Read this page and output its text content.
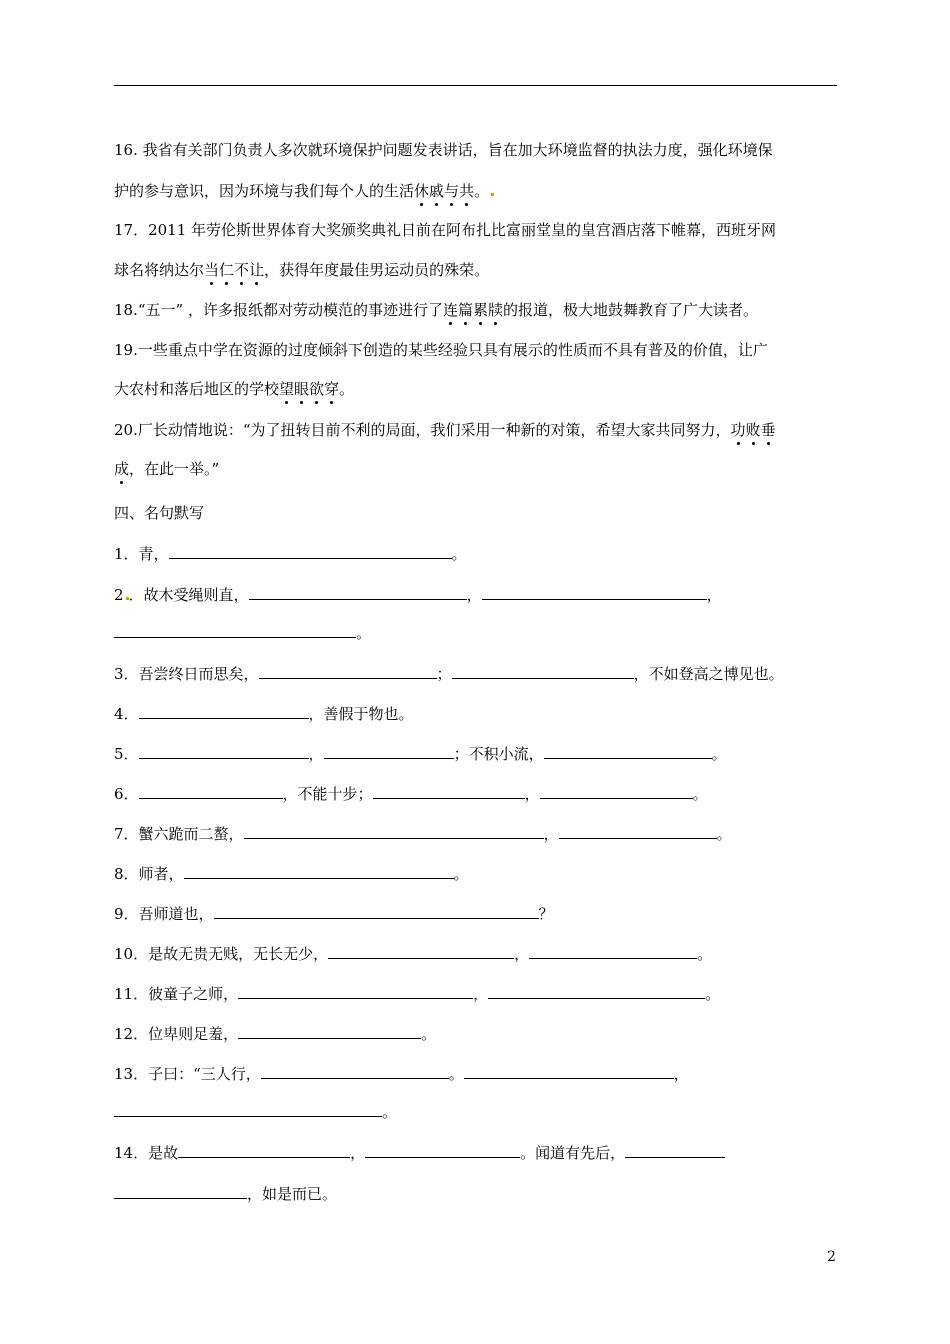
16. 我省有关部门负责人多次就环境保护问题发表讲话，旨在加大环境监督的执法力度，强化环境保
护的参与意识，因为环境与我们每个人的生活休戚与共。
17．2011 年劳伦斯世界体育大奖颁奖典礼日前在阿布扎比富丽堂皇的皇宫酒店落下帷幕，西班牙网
球名将纳达尔当仁不让，获得年度最佳男运动员的殊荣。
18.“五一” ，许多报纸都对劳动模范的事迹进行了连篇累牍的报道，极大地鼓舞教育了广大读者。
19.一些重点中学在资源的过度倾斜下创造的某些经验只具有展示的性质而不具有普及的价值，让广
大农村和落后地区的学校望眼欲穿。
20.厂长动情地说：“为了扭转目前不利的局面，我们采用一种新的对策，希望大家共同努力，功败垂
成，在此一举。”
四、名句默写
1．青，	。
2 ．故木受绳则直，	，	，
。
3．吾尝终日而思矣，	；	，不如登高之博见也。
4．	，善假于物也。
5．	，	；不积小流，	。
6．	，不能十步；	，	。
7．蟹六跪而二螯，	，	。
8．师者，	。
9．吾师道也，	？
10．是故无贵无贱，无长无少，	，	。
11．彼童子之师，	，	。
12．位卑则足羞，	。
13．子曰：“三人行，	。	，
。
14．是故	，	。闻道有先后，
，如是而已。
2
